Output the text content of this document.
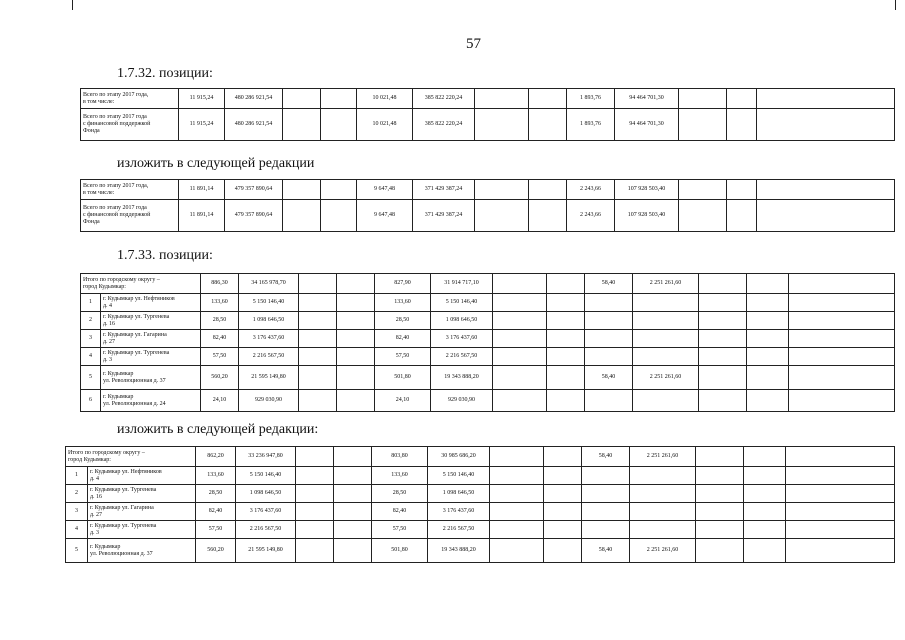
57
1.7.32. позиции:
Всего по этапу 2017 года,
в том числе:	11 915,24	480 286 921,54			10 021,48	385 822 220,24			1 893,76	94 464 701,30			
Всего по этапу 2017 года
с финансовой поддержкой
Фонда	11 915,24	480 286 921,54			10 021,48	385 822 220,24			1 893,76	94 464 701,30			
изложить в следующей редакции
Всего по этапу 2017 года,
в том числе:	11 891,14	479 357 890,64			9 647,48	371 429 387,24			2 243,66	107 928 503,40			
Всего по этапу 2017 года
с финансовой поддержкой
Фонда	11 891,14	479 357 890,64			9 647,48	371 429 387,24			2 243,66	107 928 503,40			
1.7.33. позиции:
Итого по городскому округу –
город Кудымкар:		886,30	34 165 978,70			827,90	31 914 717,10			58,40	2 251 261,60			
1	г. Кудымкар ул. Нефтяников
д. 4	133,60	5 150 146,40			133,60	5 150 146,40							
2	г. Кудымкар ул. Тургенева
д. 16	28,50	1 098 646,50			28,50	1 098 646,50							
3	г. Кудымкар ул. Гагарина
д. 27	82,40	3 176 437,60			82,40	3 176 437,60							
4	г. Кудымкар ул. Тургенева
д. 3	57,50	2 216 567,50			57,50	2 216 567,50							
5	г. Кудымкар
ул. Революционная д. 37	560,20	21 595 149,80			501,80	19 343 888,20			58,40	2 251 261,60			
6	г. Кудымкар
ул. Революционная д. 24	24,10	929 030,90			24,10	929 030,90							
изложить в следующей редакции:
Итого по городскому округу –
город Кудымкар:		862,20	33 236 947,80			803,80	30 985 686,20			58,40	2 251 261,60			
1	г. Кудымкар ул. Нефтяников
д. 4	133,60	5 150 146,40			133,60	5 150 146,40							
2	г. Кудымкар ул. Тургенева
д. 16	28,50	1 098 646,50			28,50	1 098 646,50							
3	г. Кудымкар ул. Гагарина
д. 27	82,40	3 176 437,60			82,40	3 176 437,60							
4	г. Кудымкар ул. Тургенева
д. 3	57,50	2 216 567,50			57,50	2 216 567,50							
5	г. Кудымкар
ул. Революционная д. 37	560,20	21 595 149,80			501,80	19 343 888,20			58,40	2 251 261,60			
